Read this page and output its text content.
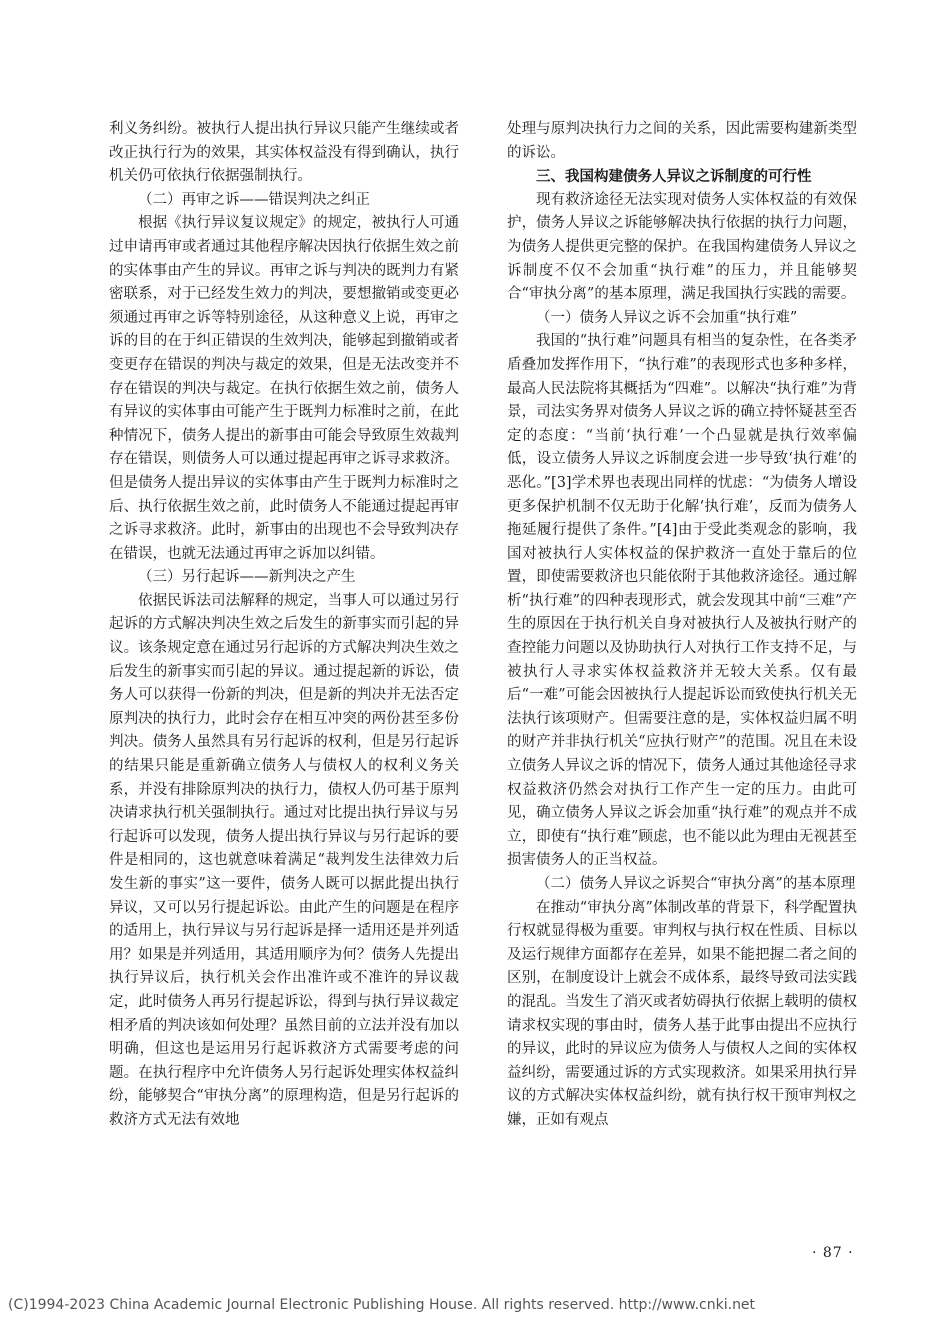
利义务纠纷。被执行人提出执行异议只能产生继续或者改正执行行为的效果，其实体权益没有得到确认，执行机关仍可依执行依据强制执行。

（二）再审之诉——错误判决之纠正

根据《执行异议复议规定》的规定，被执行人可通过申请再审或者通过其他程序解决因执行依据生效之前的实体事由产生的异议。再审之诉与判决的既判力有紧密联系，对于已经发生效力的判决，要想撤销或变更必须通过再审之诉等特别途径，从这种意义上说，再审之诉的目的在于纠正错误的生效判决，能够起到撤销或者变更存在错误的判决与裁定的效果，但是无法改变并不存在错误的判决与裁定。在执行依据生效之前，债务人有异议的实体事由可能产生于既判力标准时之前，在此种情况下，债务人提出的新事由可能会导致原生效裁判存在错误，则债务人可以通过提起再审之诉寻求救济。但是债务人提出异议的实体事由产生于既判力标准时之后、执行依据生效之前，此时债务人不能通过提起再审之诉寻求救济。此时，新事由的出现也不会导致判决存在错误，也就无法通过再审之诉加以纠错。

（三）另行起诉——新判决之产生

依据民诉法司法解释的规定，当事人可以通过另行起诉的方式解决判决生效之后发生的新事实而引起的异议。该条规定意在通过另行起诉的方式解决判决生效之后发生的新事实而引起的异议。通过提起新的诉讼，债务人可以获得一份新的判决，但是新的判决并无法否定原判决的执行力，此时会存在相互冲突的两份甚至多份判决。债务人虽然具有另行起诉的权利，但是另行起诉的结果只能是重新确立债务人与债权人的权利义务关系，并没有排除原判决的执行力，债权人仍可基于原判决请求执行机关强制执行。通过对比提出执行异议与另行起诉可以发现，债务人提出执行异议与另行起诉的要件是相同的，这也就意味着满足“裁判发生法律效力后发生新的事实”这一要件，债务人既可以据此提出执行异议，又可以另行提起诉讼。由此产生的问题是在程序的适用上，执行异议与另行起诉是择一适用还是并列适用？如果是并列适用，其适用顺序为何？债务人先提出执行异议后，执行机关会作出准许或不准许的异议裁定，此时债务人再另行提起诉讼，得到与执行异议裁定相矛盾的判决该如何处理？虽然目前的立法并没有加以明确，但这也是运用另行起诉救济方式需要考虑的问题。在执行程序中允许债务人另行起诉处理实体权益纠纷，能够契合“审执分离”的原理构造，但是另行起诉的救济方式无法有效地

处理与原判决执行力之间的关系，因此需要构建新类型的诉讼。

三、我国构建债务人异议之诉制度的可行性

现有救济途径无法实现对债务人实体权益的有效保护，债务人异议之诉能够解决执行依据的执行力问题，为债务人提供更完整的保护。在我国构建债务人异议之诉制度不仅不会加重“执行难”的压力，并且能够契合“审执分离”的基本原理，满足我国执行实践的需要。

（一）债务人异议之诉不会加重“执行难”

我国的“执行难”问题具有相当的复杂性，在各类矛盾叠加发挥作用下，“执行难”的表现形式也多种多样，最高人民法院将其概括为“四难”。以解决“执行难”为背景，司法实务界对债务人异议之诉的确立持怀疑甚至否定的态度：“当前‘执行难’一个凸显就是执行效率偏低，设立债务人异议之诉制度会进一步导致‘执行难’的恶化。”[3]学术界也表现出同样的忧虑：“为债务人增设更多保护机制不仅无助于化解‘执行难’，反而为债务人拖延履行提供了条件。”[4]由于受此类观念的影响，我国对被执行人实体权益的保护救济一直处于靠后的位置，即使需要救济也只能依附于其他救济途径。通过解析“执行难”的四种表现形式，就会发现其中前“三难”产生的原因在于执行机关自身对被执行人及被执行财产的查控能力问题以及协助执行人对执行工作支持不足，与被执行人寻求实体权益救济并无较大关系。仅有最后“一难”可能会因被执行人提起诉讼而致使执行机关无法执行该项财产。但需要注意的是，实体权益归属不明的财产并非执行机关“应执行财产”的范围。况且在未设立债务人异议之诉的情况下，债务人通过其他途径寻求权益救济仍然会对执行工作产生一定的压力。由此可见，确立债务人异议之诉会加重“执行难”的观点并不成立，即使有“执行难”顾虑，也不能以此为理由无视甚至损害债务人的正当权益。

（二）债务人异议之诉契合“审执分离”的基本原理

在推动“审执分离”体制改革的背景下，科学配置执行权就显得极为重要。审判权与执行权在性质、目标以及运行规律方面都存在差异，如果不能把握二者之间的区别，在制度设计上就会不成体系，最终导致司法实践的混乱。当发生了消灭或者妨碍执行依据上载明的债权请求权实现的事由时，债务人基于此事由提出不应执行的异议，此时的异议应为债务人与债权人之间的实体权益纠纷，需要通过诉的方式实现救济。如果采用执行异议的方式解决实体权益纠纷，就有执行权干预审判权之嫌，正如有观点

· 87 ·
(C)1994-2023 China Academic Journal Electronic Publishing House. All rights reserved. http://www.cnki.net
